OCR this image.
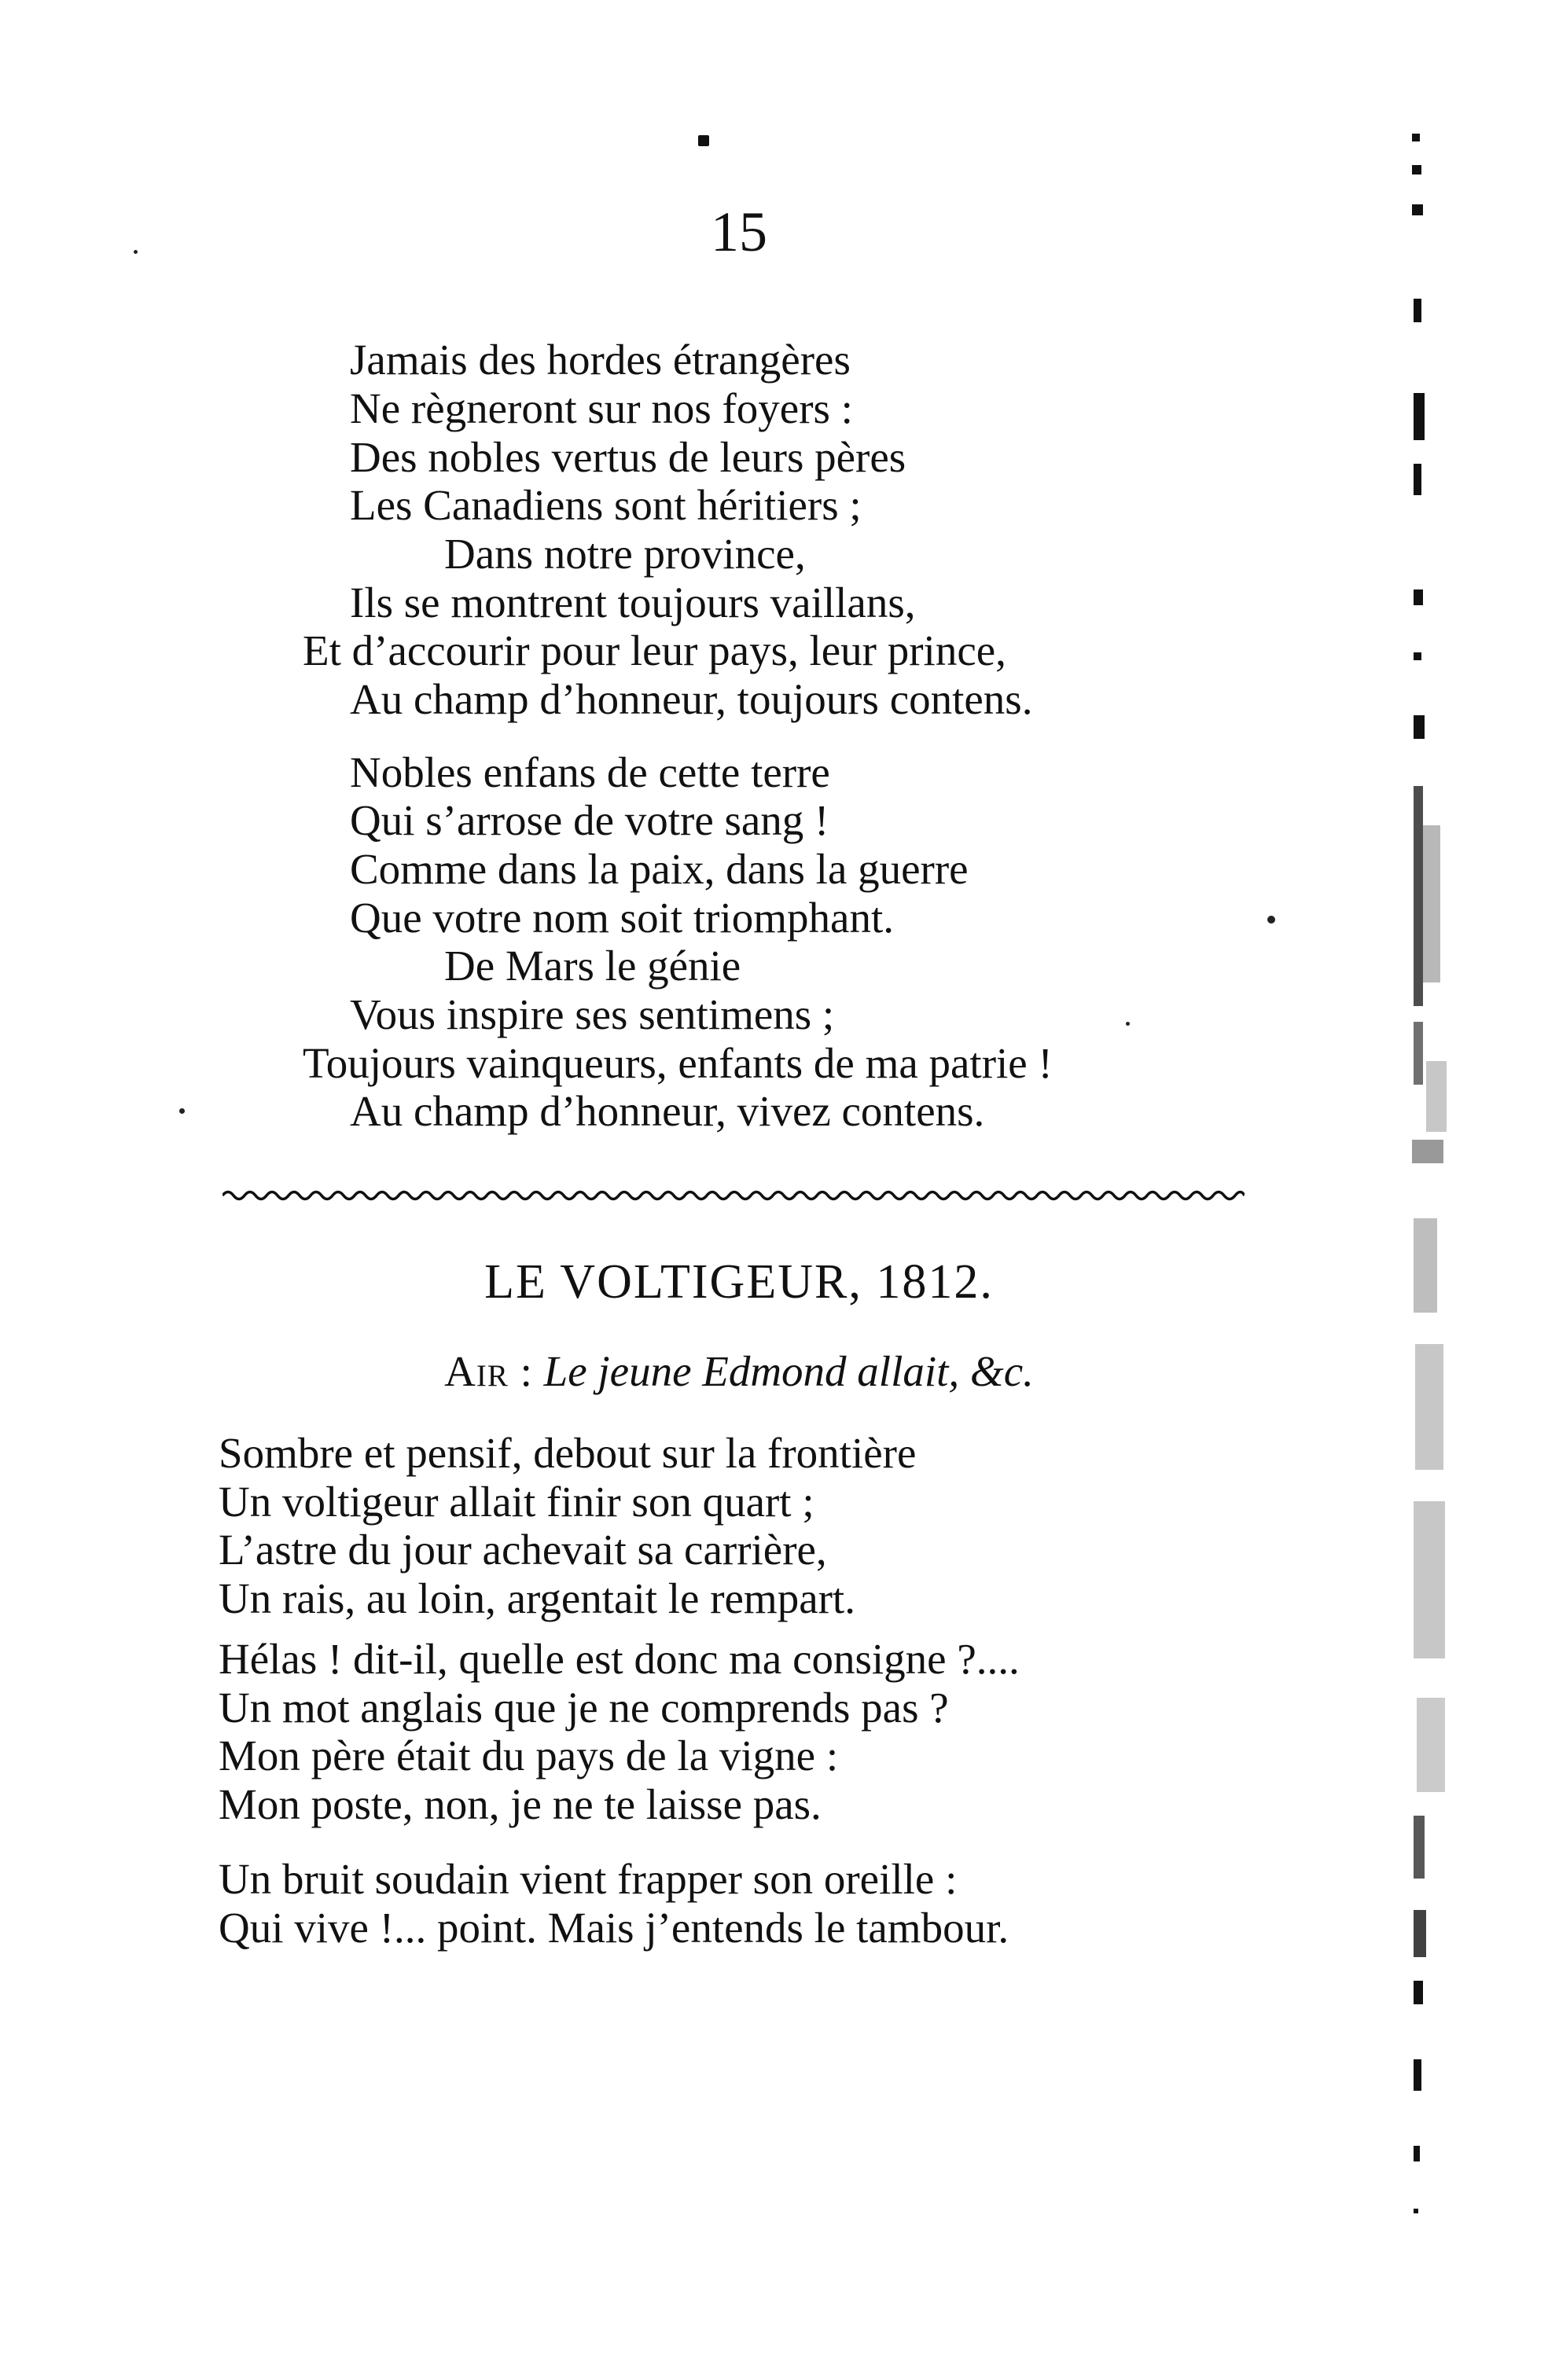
15

Jamais des hordes étrangères

Ne règneront sur nos foyers :

Des nobles vertus de leurs pères

Les Canadiens sont héritiers ;

Dans notre province,

Ils se montrent toujours vaillans,

Et d’accourir pour leur pays, leur prince,

Au champ d’honneur, toujours contens.

Nobles enfans de cette terre

Qui s’arrose de votre sang !

Comme dans la paix, dans la guerre

Que votre nom soit triomphant.

De Mars le génie

Vous inspire ses sentimens ;

Toujours vainqueurs, enfants de ma patrie !

Au champ d’honneur, vivez contens.

LE VOLTIGEUR, 1812.
Air : Le jeune Edmond allait, &c.

Sombre et pensif, debout sur la frontière

Un voltigeur allait finir son quart ;

L’astre du jour achevait sa carrière,

Un rais, au loin, argentait le rempart.

Hélas ! dit-il, quelle est donc ma consigne ?....

Un mot anglais que je ne comprends pas ?

Mon père était du pays de la vigne :

Mon poste, non, je ne te laisse pas.

Un bruit soudain vient frapper son oreille :

Qui vive !... point. Mais j’entends le tambour.
